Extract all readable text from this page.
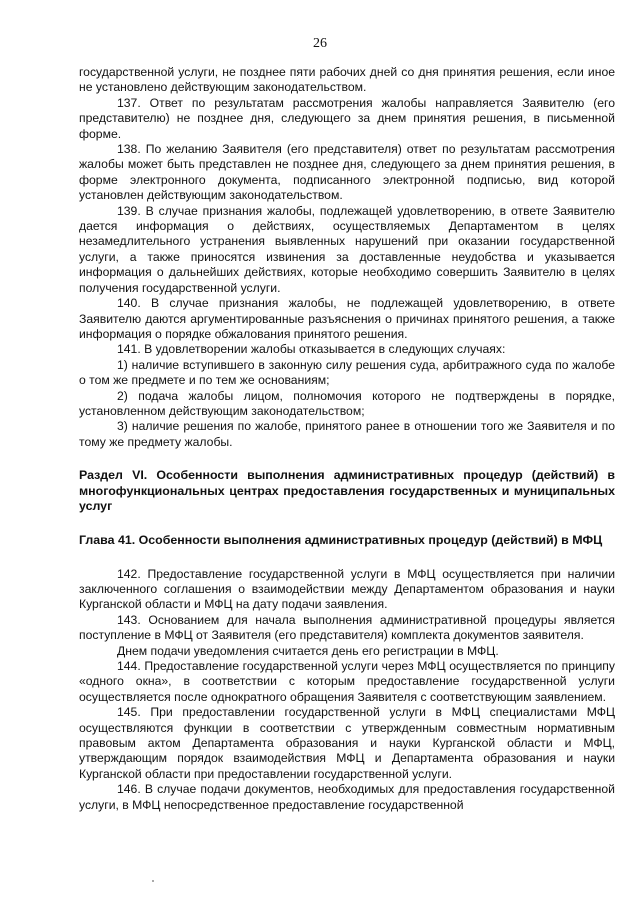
26

государственной услуги, не позднее пяти рабочих дней со дня принятия решения, если иное не установлено действующим законодательством.

137. Ответ по результатам рассмотрения жалобы направляется Заявителю (его представителю) не позднее дня, следующего за днем принятия решения, в письменной форме.

138. По желанию Заявителя (его представителя) ответ по результатам рассмотрения жалобы может быть представлен не позднее дня, следующего за днем принятия решения, в форме электронного документа, подписанного электронной подписью, вид которой установлен действующим законодательством.

139. В случае признания жалобы, подлежащей удовлетворению, в ответе Заявителю дается информация о действиях, осуществляемых Департаментом в целях незамедлительного устранения выявленных нарушений при оказании государственной услуги, а также приносятся извинения за доставленные неудобства и указывается информация о дальнейших действиях, которые необходимо совершить Заявителю в целях получения государственной услуги.

140. В случае признания жалобы, не подлежащей удовлетворению, в ответе Заявителю даются аргументированные разъяснения о причинах принятого решения, а также информация о порядке обжалования принятого решения.

141. В удовлетворении жалобы отказывается в следующих случаях:

1) наличие вступившего в законную силу решения суда, арбитражного суда по жалобе о том же предмете и по тем же основаниям;

2) подача жалобы лицом, полномочия которого не подтверждены в порядке, установленном действующим законодательством;

3) наличие решения по жалобе, принятого ранее в отношении того же Заявителя и по тому же предмету жалобы.

Раздел VI. Особенности выполнения административных процедур (действий) в многофункциональных центрах предоставления государственных и муниципальных услуг

Глава 41. Особенности выполнения административных процедур (действий) в МФЦ

142. Предоставление государственной услуги в МФЦ осуществляется при наличии заключенного соглашения о взаимодействии между Департаментом образования и науки Курганской области и МФЦ на дату подачи заявления.

143. Основанием для начала выполнения административной процедуры является поступление в МФЦ от Заявителя (его представителя) комплекта документов заявителя.

Днем подачи уведомления считается день его регистрации в МФЦ.

144. Предоставление государственной услуги через МФЦ осуществляется по принципу «одного окна», в соответствии с которым предоставление государственной услуги осуществляется после однократного обращения Заявителя с соответствующим заявлением.

145. При предоставлении государственной услуги в МФЦ специалистами МФЦ осуществляются функции в соответствии с утвержденным совместным нормативным правовым актом Департамента образования и науки Курганской области и МФЦ, утверждающим порядок взаимодействия МФЦ и Департамента образования и науки Курганской области при предоставлении государственной услуги.

146. В случае подачи документов, необходимых для предоставления государственной услуги, в МФЦ непосредственное предоставление государственной
